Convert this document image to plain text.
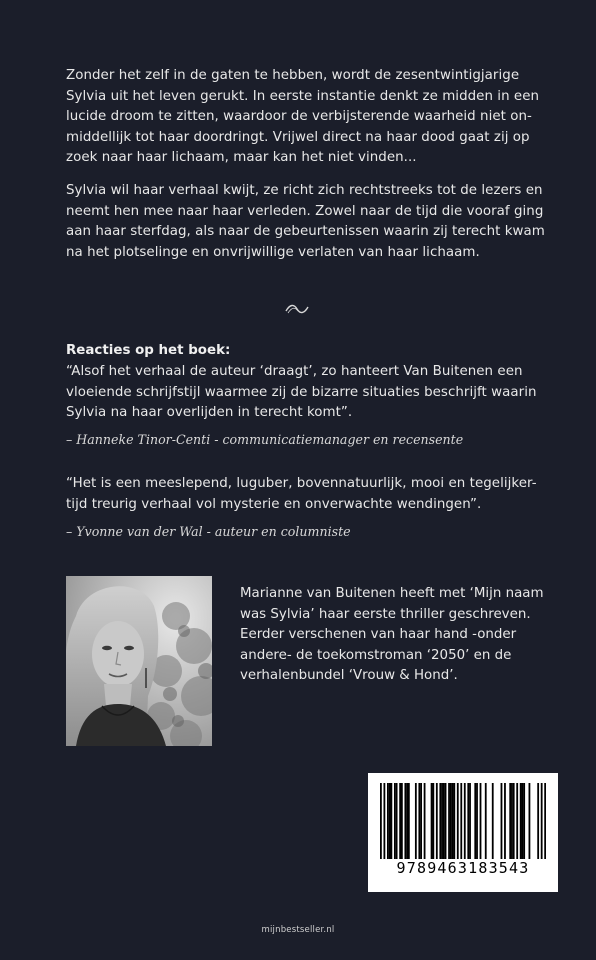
Zonder het zelf in de gaten te hebben, wordt de zesentwintigjarige
Sylvia uit het leven gerukt. In eerste instantie denkt ze midden in een
lucide droom te zitten, waardoor de verbijsterende waarheid niet on-
middellijk tot haar doordringt. Vrijwel direct na haar dood gaat zij op
zoek naar haar lichaam, maar kan het niet vinden...
Sylvia wil haar verhaal kwijt, ze richt zich rechtstreeks tot de lezers en
neemt hen mee naar haar verleden. Zowel naar de tijd die vooraf ging
aan haar sterfdag, als naar de gebeurtenissen waarin zij terecht kwam
na het plotselinge en onvrijwillige verlaten van haar lichaam.
Reacties op het boek:
“Alsof het verhaal de auteur ‘draagt’, zo hanteert Van Buitenen een
vloeiende schrijfstijl waarmee zij de bizarre situaties beschrijft waarin
Sylvia na haar overlijden in terecht komt”.
– Hanneke Tinor-Centi - communicatiemanager en recensente
“Het is een meeslepend, luguber, bovennatuurlijk, mooi en tegelijker-
tijd treurig verhaal vol mysterie en onverwachte wendingen”.
– Yvonne van der Wal - auteur en columniste
Marianne van Buitenen heeft met ‘Mijn naam
was Sylvia’ haar eerste thriller geschreven.
Eerder verschenen van haar hand -onder
andere- de toekomstroman ‘2050’ en de
verhalenbundel ‘Vrouw & Hond’.
9789463183543
mijnbestseller.nl
